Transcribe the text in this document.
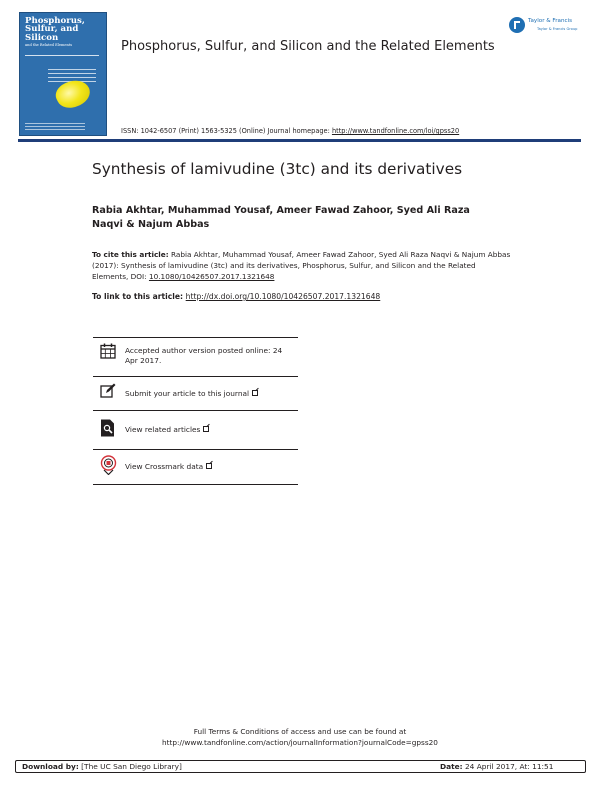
Phosphorus,
Sulfur, and
Silicon
and the Related Elements	Phosphorus, Sulfur, and Silicon and the Related Elements
ISSN: 1042-6507 (Print) 1563-5325 (Online) Journal homepage: http://www.tandfonline.com/loi/gpss20
Taylor & Francis
Taylor & Francis Group
Synthesis of lamivudine (3tc) and its derivatives
Rabia Akhtar, Muhammad Yousaf, Ameer Fawad Zahoor, Syed Ali Raza Naqvi & Najum Abbas
To cite this article: Rabia Akhtar, Muhammad Yousaf, Ameer Fawad Zahoor, Syed Ali Raza Naqvi & Najum Abbas (2017): Synthesis of lamivudine (3tc) and its derivatives, Phosphorus, Sulfur, and Silicon and the Related Elements, DOI: 10.1080/10426507.2017.1321648
To link to this article: http://dx.doi.org/10.1080/10426507.2017.1321648
Accepted author version posted online: 24 Apr 2017.
Submit your article to this journal
View related articles
View Crossmark data
Full Terms & Conditions of access and use can be found at
http://www.tandfonline.com/action/journalInformation?journalCode=gpss20
Download by: [The UC San Diego Library]	Date: 24 April 2017, At: 11:51
